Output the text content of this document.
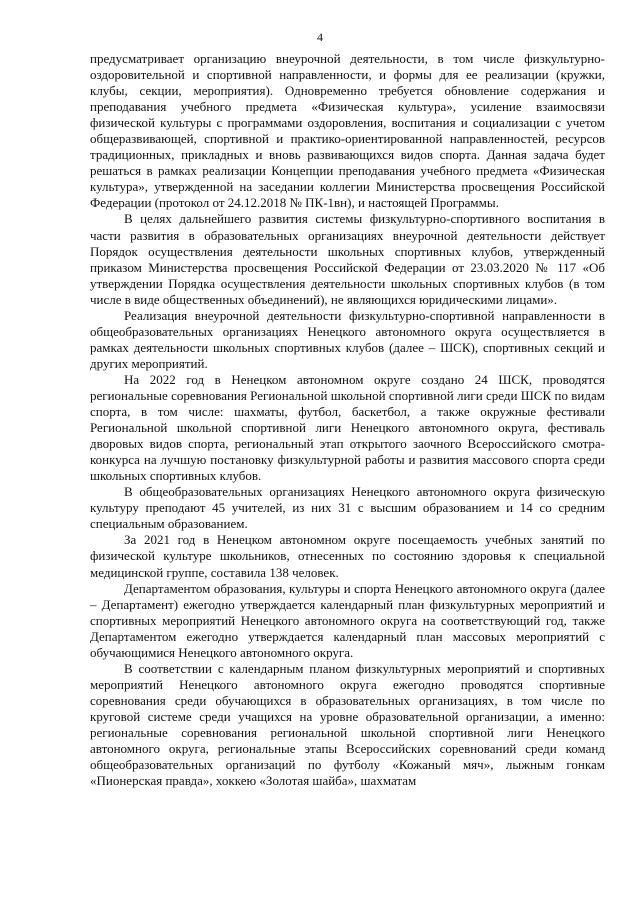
4

предусматривает организацию внеурочной деятельности, в том числе физкультурно-оздоровительной и спортивной направленности, и формы для ее реализации (кружки, клубы, секции, мероприятия). Одновременно требуется обновление содержания и преподавания учебного предмета «Физическая культура», усиление взаимосвязи физической культуры с программами оздоровления, воспитания и социализации с учетом общеразвивающей, спортивной и практико-ориентированной направленностей, ресурсов традиционных, прикладных и вновь развивающихся видов спорта. Данная задача будет решаться в рамках реализации Концепции преподавания учебного предмета «Физическая культура», утвержденной на заседании коллегии Министерства просвещения Российской Федерации (протокол от 24.12.2018 № ПК-1вн), и настоящей Программы.

В целях дальнейшего развития системы физкультурно-спортивного воспитания в части развития в образовательных организациях внеурочной деятельности действует Порядок осуществления деятельности школьных спортивных клубов, утвержденный приказом Министерства просвещения Российской Федерации от 23.03.2020 № 117 «Об утверждении Порядка осуществления деятельности школьных спортивных клубов (в том числе в виде общественных объединений), не являющихся юридическими лицами».

Реализация внеурочной деятельности физкультурно-спортивной направленности в общеобразовательных организациях Ненецкого автономного округа осуществляется в рамках деятельности школьных спортивных клубов (далее – ШСК), спортивных секций и других мероприятий.

На 2022 год в Ненецком автономном округе создано 24 ШСК, проводятся региональные соревнования Региональной школьной спортивной лиги среди ШСК по видам спорта, в том числе: шахматы, футбол, баскетбол, а также окружные фестивали Региональной школьной спортивной лиги Ненецкого автономного округа, фестиваль дворовых видов спорта, региональный этап открытого заочного Всероссийского смотра-конкурса на лучшую постановку физкультурной работы и развития массового спорта среди школьных спортивных клубов.

В общеобразовательных организациях Ненецкого автономного округа физическую культуру преподают 45 учителей, из них 31 с высшим образованием и 14 со средним специальным образованием.

За 2021 год в Ненецком автономном округе посещаемость учебных занятий по физической культуре школьников, отнесенных по состоянию здоровья к специальной медицинской группе, составила 138 человек.

Департаментом образования, культуры и спорта Ненецкого автономного округа (далее – Департамент) ежегодно утверждается календарный план физкультурных мероприятий и спортивных мероприятий Ненецкого автономного округа на соответствующий год, также Департаментом ежегодно утверждается календарный план массовых мероприятий с обучающимися Ненецкого автономного округа.

В соответствии с календарным планом физкультурных мероприятий и спортивных мероприятий Ненецкого автономного округа ежегодно проводятся спортивные соревнования среди обучающихся в образовательных организациях, в том числе по круговой системе среди учащихся на уровне образовательной организации, а именно: региональные соревнования региональной школьной спортивной лиги Ненецкого автономного округа, региональные этапы Всероссийских соревнований среди команд общеобразовательных организаций по футболу «Кожаный мяч», лыжным гонкам «Пионерская правда», хоккею «Золотая шайба», шахматам
